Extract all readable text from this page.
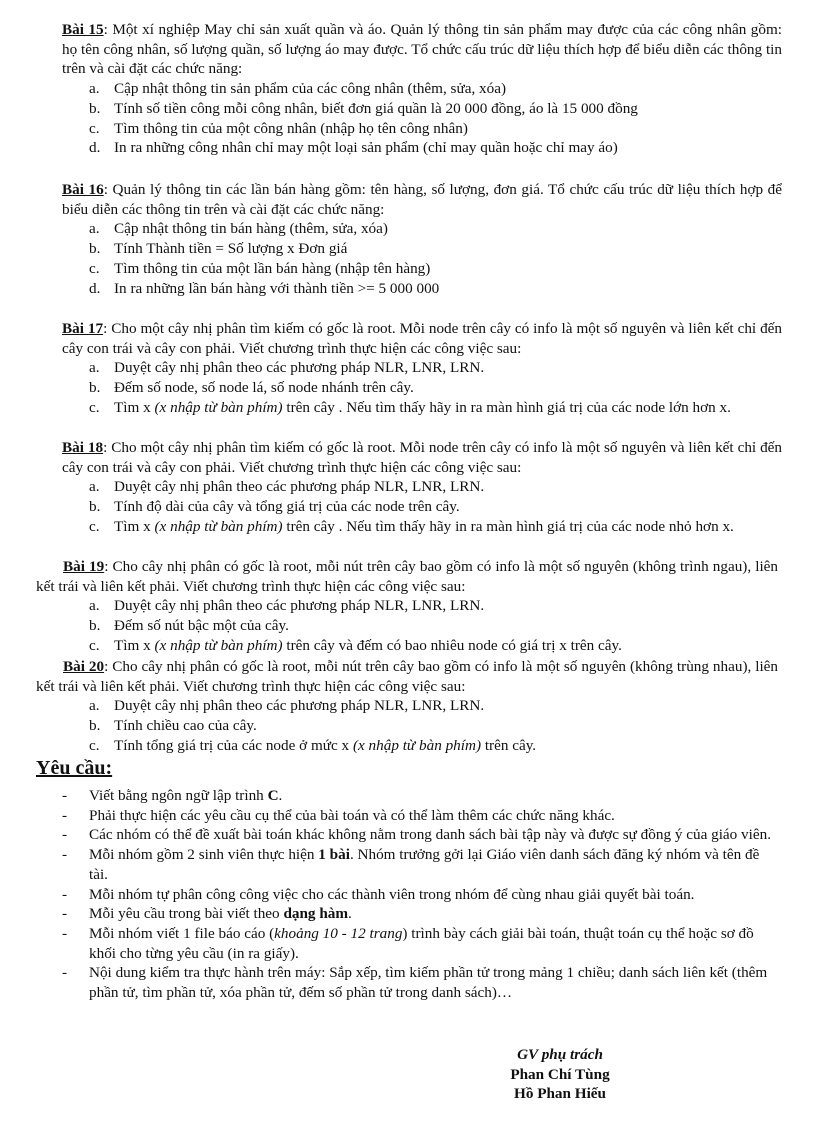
Bài 15: Một xí nghiệp May chỉ sản xuất quần và áo. Quản lý thông tin sản phẩm may được của các công nhân gồm: họ tên công nhân, số lượng quần, số lượng áo may được. Tổ chức cấu trúc dữ liệu thích hợp để biểu diễn các thông tin trên và cài đặt các chức năng:

a. Cập nhật thông tin sản phẩm của các công nhân (thêm, sửa, xóa)
b. Tính số tiền công mỗi công nhân, biết đơn giá quần là 20 000 đồng, áo là 15 000 đồng
c. Tìm thông tin của một công nhân (nhập họ tên công nhân)
d. In ra những công nhân chỉ may một loại sản phẩm (chỉ may quần hoặc chỉ may áo)

Bài 16: Quản lý thông tin các lần bán hàng gồm: tên hàng, số lượng, đơn giá. Tổ chức cấu trúc dữ liệu thích hợp để biểu diễn các thông tin trên và cài đặt các chức năng:

a. Cập nhật thông tin bán hàng (thêm, sửa, xóa)
b. Tính Thành tiền = Số lượng x Đơn giá
c. Tìm thông tin của một lần bán hàng (nhập tên hàng)
d. In ra những lần bán hàng với thành tiền >= 5 000 000

Bài 17: Cho một cây nhị phân tìm kiếm có gốc là root. Mỗi node trên cây có info là một số nguyên và liên kết chỉ đến cây con trái và cây con phải. Viết chương trình thực hiện các công việc sau:

a. Duyệt cây nhị phân theo các phương pháp NLR, LNR, LRN.
b. Đếm số node, số node lá, số node nhánh trên cây.
c. Tìm x (x nhập từ bàn phím) trên cây . Nếu tìm thấy hãy in ra màn hình giá trị của các node lớn hơn x.

Bài 18: Cho một cây nhị phân tìm kiếm có gốc là root. Mỗi node trên cây có info là một số nguyên và liên kết chỉ đến cây con trái và cây con phải. Viết chương trình thực hiện các công việc sau:

a. Duyệt cây nhị phân theo các phương pháp NLR, LNR, LRN.
b. Tính độ dài của cây và tổng giá trị của các node trên cây.
c. Tìm x (x nhập từ bàn phím) trên cây . Nếu tìm thấy hãy in ra màn hình giá trị của các node nhỏ hơn x.

Bài 19: Cho cây nhị phân có gốc là root, mỗi nút trên cây bao gồm có info là một số nguyên (không trình ngau), liên kết trái và liên kết phải. Viết chương trình thực hiện các công việc sau:

a. Duyệt cây nhị phân theo các phương pháp NLR, LNR, LRN.
b. Đếm số nút bậc một của cây.
c. Tìm x (x nhập từ bàn phím) trên cây và đếm có bao nhiêu node có giá trị x trên cây.

Bài 20: Cho cây nhị phân có gốc là root, mỗi nút trên cây bao gồm có info là một số nguyên (không trùng nhau), liên kết trái và liên kết phải. Viết chương trình thực hiện các công việc sau:

a. Duyệt cây nhị phân theo các phương pháp NLR, LNR, LRN.
b. Tính chiều cao của cây.
c. Tính tổng giá trị của các node ở mức x (x nhập từ bàn phím) trên cây.
Yêu cầu:
-	Viết bằng ngôn ngữ lập trình C.
-	Phải thực hiện các yêu cầu cụ thể của bài toán và có thể làm thêm các chức năng khác.
-	Các nhóm có thể đề xuất bài toán khác không nằm trong danh sách bài tập này và được sự đồng ý của giáo viên.
-	Mỗi nhóm gồm 2 sinh viên thực hiện 1 bài. Nhóm trưởng gởi lại Giáo viên danh sách đăng ký nhóm và tên đề tài.
-	Mỗi nhóm tự phân công công việc cho các thành viên trong nhóm để cùng nhau giải quyết bài toán.
-	Mỗi yêu cầu trong bài viết theo dạng hàm.
-	Mỗi nhóm viết 1 file báo cáo (khoảng 10 - 12 trang) trình bày cách giải bài toán, thuật toán cụ thể hoặc sơ đồ khối cho từng yêu cầu (in ra giấy).
-	Nội dung kiểm tra thực hành trên máy: Sắp xếp, tìm kiếm phần tử trong mảng 1 chiều; danh sách liên kết (thêm phần tử, tìm phần tử, xóa phần tử, đếm số phần tử trong danh sách)…
GV phụ trách
Phan Chí Tùng
Hồ Phan Hiếu
